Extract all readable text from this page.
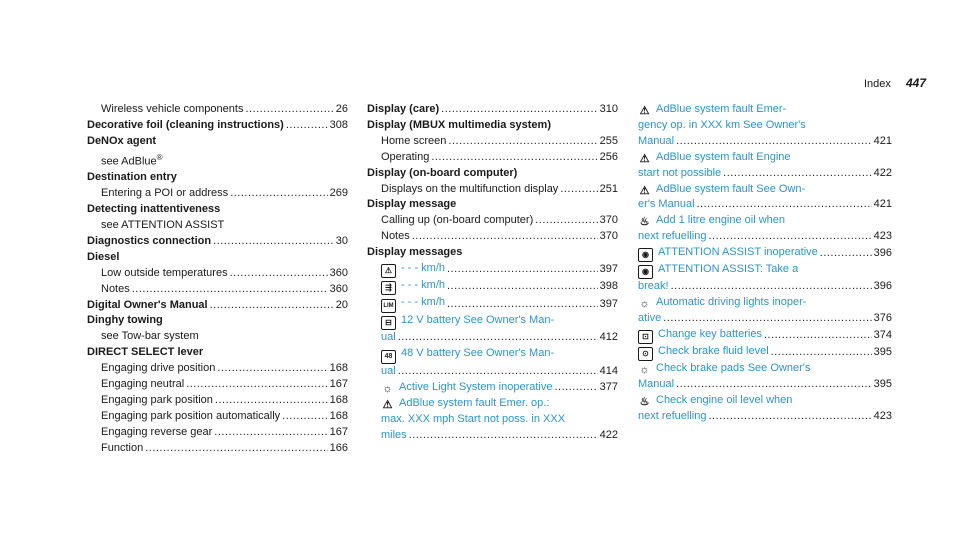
Index 447
Wireless vehicle components .....	26
Decorative foil (cleaning instructions) .....	308
DeNOx agent
see AdBlue®
Destination entry
Entering a POI or address .....	269
Detecting inattentiveness
see ATTENTION ASSIST
Diagnostics connection .....	30
Diesel
Low outside temperatures .....	360
Notes .....	360
Digital Owner's Manual .....	20
Dinghy towing
see Tow-bar system
DIRECT SELECT lever
Engaging drive position .....	168
Engaging neutral .....	167
Engaging park position .....	168
Engaging park position automatically .....	168
Engaging reverse gear .....	167
Function .....	166
Display (care) .....	310
Display (MBUX multimedia system)
Home screen .....	255
Operating .....	256
Display (on-board computer)
Displays on the multifunction display .....	251
Display message
Calling up (on-board computer) .....	370
Notes .....	370
Display messages
⚠ - - - km/h .....	397
⇶ - - - km/h .....	398
LIM - - - km/h .....	397
⊟ 12 V battery See Owner's Man-
ual .....	412
48 48 V battery See Owner's Man-
ual .....	414
☼ Active Light System inoperative .....	377
⚠ AdBlue system fault Emer. op.:
max. XXX mph Start not poss. in XXX
miles .....	422
⚠ AdBlue system fault Emer-
gency op. in XXX km See Owner's
Manual .....	421
⚠ AdBlue system fault Engine
start not possible .....	422
⚠ AdBlue system fault See Own-
er's Manual .....	421
♨ Add 1 litre engine oil when
next refuelling .....	423
◉ ATTENTION ASSIST inoperative .....	396
◉ ATTENTION ASSIST: Take a
break! .....	396
☼ Automatic driving lights inoper-
ative .....	376
⊡ Change key batteries .....	374
⊙ Check brake fluid level .....	395
☼ Check brake pads See Owner's
Manual .....	395
♨ Check engine oil level when
next refuelling .....	423
